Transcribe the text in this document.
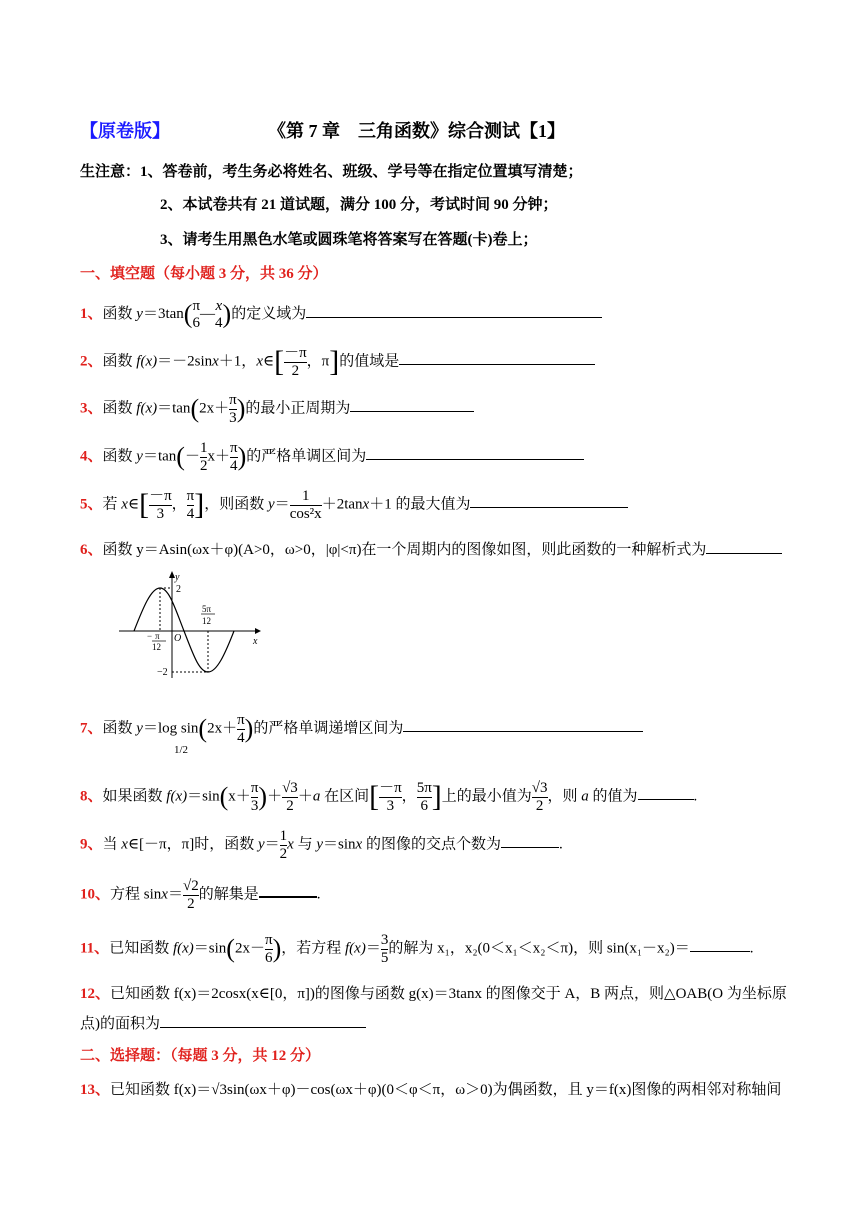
【原卷版】	《第 7 章　三角函数》综合测试【1】
生注意：1、答卷前，考生务必将姓名、班级、学号等在指定位置填写清楚；
2、本试卷共有 21 道试题，满分 100 分，考试时间 90 分钟；
3、请考生用黑色水笔或圆珠笔将答案写在答题(卡)卷上；
一、填空题（每小题 3 分，共 36 分）
1、函数 y＝3tan( π
6
—x
4 )的定义域为
2、函数 f(x)＝－2sinx＋1，x∈[ $\frac{-\pi}{2}$ ，π]的值域是
3、函数 $f(x)=\tan(2x+ \frac{\pi}{3}$ )的最小正周期为
4、函数 $y=\tan(- \frac{1}{2} x+ \frac{\pi}{4}$ )的严格单调区间为
5、若 x∈[ $\frac{-\pi}{3}$ ， $\frac{\pi}{4}$ ]，则函数 $y= \frac{1}{\text{cos²x}} +2\tan x+1$ 的最大值为
6、函数 y＝Asin(ωx＋φ)(A>0，ω>0，|φ|<π)在一个周期内的图像如图，则此函数的一种解析式为
y
x
O
2
−2
− π
12
5π
12
7、函数 y＝log $\sin(2x+ \frac{\pi}{4}$ )的严格单调递增区间为
1/2
8、如果函数 $f(x)=\sin(x+ \frac{\pi}{3}$ )＋ $\frac{√3}{2} +a$ 在区间[ $\frac{-\pi}{3}$ ， $\frac{5\pi}{6}$ ]上的最小值为 $\frac{√3}{2}$ ，则 a 的值为	.
9、当 x∈[－π，π]时，函数 $y= \frac{1}{2}$ x 与 y＝sinx 的图像的交点个数为	.
10、方程 $\sin x= \frac{√2}{2}$ 的解集是	.
11、已知函数 $f(x)=\sin(2x- \frac{\pi}{6}$ )，若方程 $f(x)= \frac{3}{5}$ 的解为 x₁，x₂(0＜x₁＜x₂＜π)，则 sin(x₁－x₂)＝	.
12、已知函数 f(x)＝2cosx(x∈[0，π])的图像与函数 g(x)＝3tanx 的图像交于 A，B 两点，则△OAB(O 为坐标原
点)的面积为
二、选择题：（每题 3 分，共 12 分）
13、已知函数 f(x)＝√3sin(ωx＋φ)－cos(ωx＋φ)(0＜φ＜π，ω＞0)为偶函数，且 y＝f(x)图像的两相邻对称轴间
